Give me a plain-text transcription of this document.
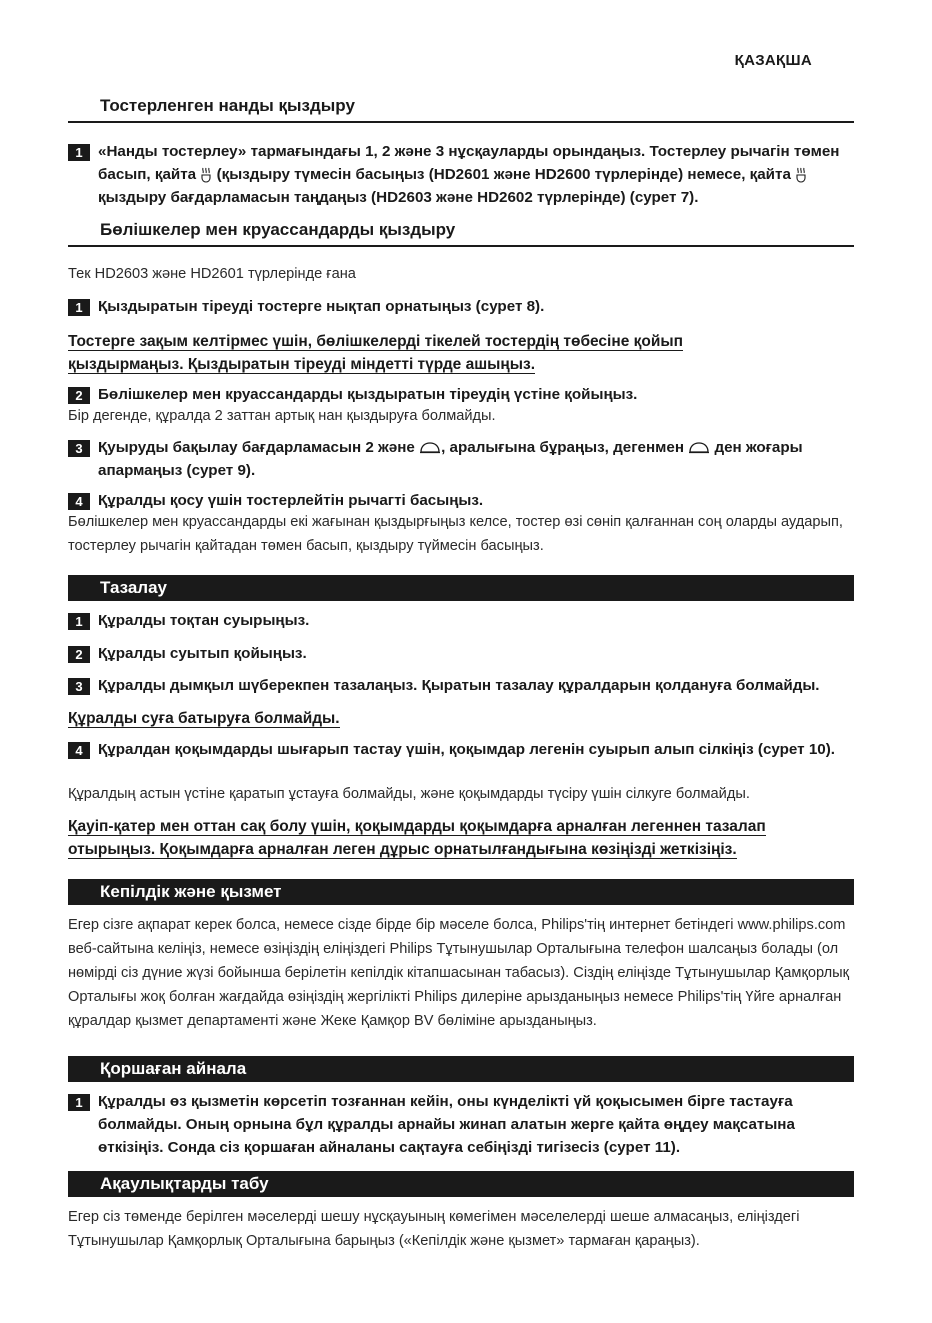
ҚАЗАҚША
Тостерленген нанды қыздыру
1	«Нанды тостерлеу» тармағындағы 1, 2 және 3 нұсқауларды орындаңыз. Тостерлеу рычагін төмен басып, қайта  (қыздыру түмесін басыңыз (HD2601 және HD2600 түрлерінде) немесе, қайта  қыздыру бағдарламасын таңдаңыз (HD2603 және HD2602 түрлерінде) (сурет 7).
Бөлішкелер мен круассандарды қыздыру
Тек HD2603 және HD2601 түрлерінде ғана
1	Қыздыратын тіреуді тостерге нықтап орнатыңыз (сурет 8).
Тостерге зақым келтірмес үшін, бөлішкелерді тікелей тостердің төбесіне қойып
қыздырмаңыз. Қыздыратын тіреуді міндетті түрде ашыңыз.
2	Бөлішкелер мен круассандарды қыздыратын тіреудің үстіне қойыңыз.
Бір дегенде, құралда 2 заттан артық нан қыздыруға болмайды.
3	Қуыруды бақылау бағдарламасын 2 және , аралығына бұраңыз, дегенмен  ден жоғары апармаңыз (сурет 9).
4	Құралды қосу үшін тостерлейтін рычагті басыңыз.
Бөлішкелер мен круассандарды екі жағынан қыздырғыңыз келсе, тостер өзі сөніп қалғаннан соң оларды аударып, тостерлеу рычагін қайтадан төмен басып, қыздыру түймесін басыңыз.
Тазалау
1	Құралды тоқтан суырыңыз.
2	Құралды суытып қойыңыз.
3	Құралды дымқыл шүберекпен тазалаңыз. Қыратын тазалау құралдарын қолдануға болмайды.
Құралды суға батыруға болмайды.
4	Құралдан қоқымдарды шығарып тастау үшін, қоқымдар легенін суырып алып сілкіңіз (сурет 10).
Құралдың астын үстіне қаратып ұстауға болмайды, және қоқымдарды түсіру үшін сілкуге болмайды.
Қауіп-қатер мен оттан сақ болу үшін, қоқымдарды қоқымдарға арналған легеннен тазалап
отырыңыз. Қоқымдарға арналған леген дұрыс орнатылғандығына көзіңізді жеткізіңіз.
Кепілдік және қызмет
Егер сізге ақпарат керек болса, немесе сізде бірде бір мәселе болса, Philips'тің интернет бетіндегі www.philips.com веб-сайтына келіңіз, немесе өзіңіздің еліңіздегі Philips Тұтынушылар Орталығына телефон шалсаңыз болады (ол нөмірді сіз дүние жүзі бойынша берілетін кепілдік кітапшасынан табасыз). Сіздің еліңізде Тұтынушылар Қамқорлық Орталығы жоқ болған жағдайда өзіңіздің жергілікті Philips дилеріне арызданыңыз немесе Philips'тің Үйге арналған құралдар қызмет департаменті және Жеке Қамқор BV бөліміне арызданыңыз.
Қоршаған айнала
1	Құралды өз қызметін көрсетіп тозғаннан кейін, оны күнделікті үй қоқысымен бірге тастауға болмайды. Оның орнына бұл құралды арнайы жинап алатын жерге қайта өңдеу мақсатына өткізіңіз. Сонда сіз қоршаған айналаны сақтауға себіңізді тигізесіз (сурет 11).
Ақаулықтарды табу
Егер сіз төменде берілген мәселерді шешу нұсқауының көмегімен мәселелерді шеше алмасаңыз, еліңіздегі Тұтынушылар Қамқорлық Орталығына барыңыз («Кепілдік және қызмет» тармаған қараңыз).
